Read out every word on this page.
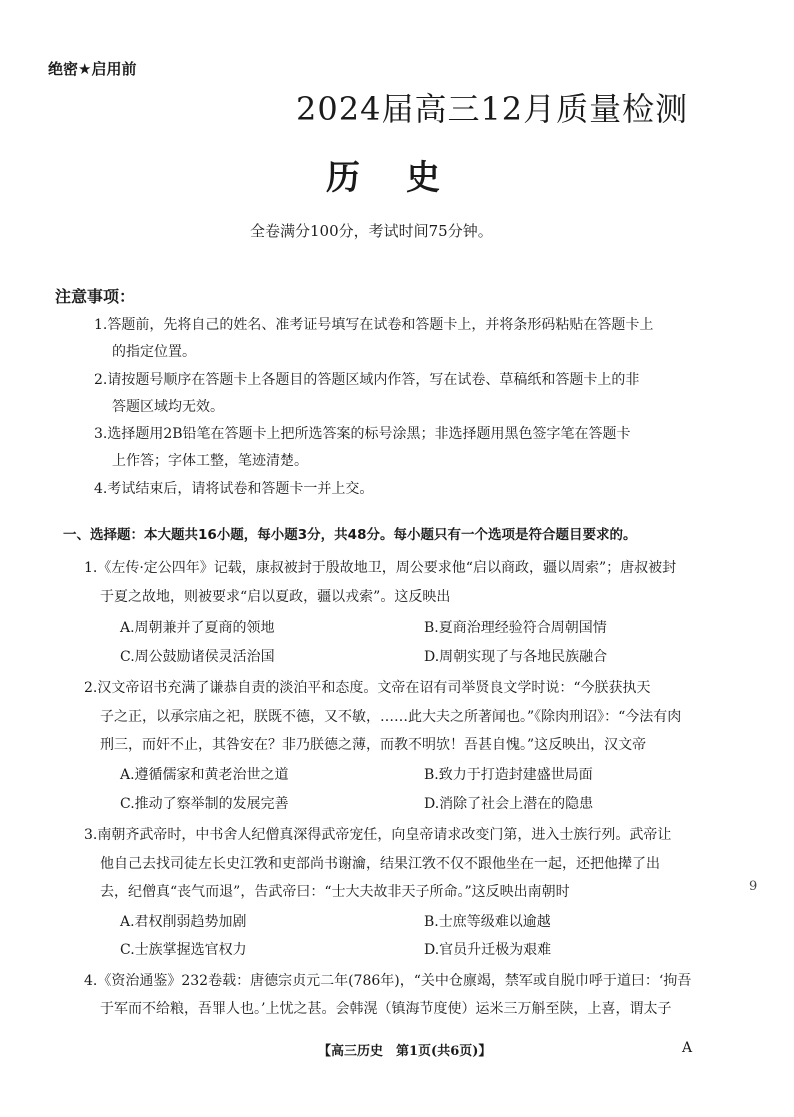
绝密★启用前
2024届高三12月质量检测
历史
全卷满分100分，考试时间75分钟。
注意事项：
1.答题前，先将自己的姓名、准考证号填写在试卷和答题卡上，并将条形码粘贴在答题卡上
的指定位置。
2.请按题号顺序在答题卡上各题目的答题区域内作答，写在试卷、草稿纸和答题卡上的非
答题区域均无效。
3.选择题用2B铅笔在答题卡上把所选答案的标号涂黑；非选择题用黑色签字笔在答题卡
上作答；字体工整，笔迹清楚。
4.考试结束后，请将试卷和答题卡一并上交。
一、选择题：本大题共16小题，每小题3分，共48分。每小题只有一个选项是符合题目要求的。
1.《左传·定公四年》记载，康叔被封于殷故地卫，周公要求他“启以商政，疆以周索”；唐叔被封
于夏之故地，则被要求“启以夏政，疆以戎索”。这反映出
A.周朝兼并了夏商的领地	B.夏商治理经验符合周朝国情
C.周公鼓励诸侯灵活治国	D.周朝实现了与各地民族融合
2.汉文帝诏书充满了谦恭自责的淡泊平和态度。文帝在诏有司举贤良文学时说：“今朕获执天
子之正，以承宗庙之祀，朕既不德，又不敏，……此大夫之所著闻也。”《除肉刑诏》：“今法有肉
刑三，而奸不止，其咎安在？非乃朕德之薄，而教不明欤！吾甚自愧。”这反映出，汉文帝
A.遵循儒家和黄老治世之道	B.致力于打造封建盛世局面
C.推动了察举制的发展完善	D.消除了社会上潜在的隐患
3.南朝齐武帝时，中书舍人纪僧真深得武帝宠任，向皇帝请求改变门第，进入士族行列。武帝让
他自己去找司徒左长史江敩和吏部尚书谢瀹，结果江敩不仅不跟他坐在一起，还把他撵了出
去，纪僧真“丧气而退”，告武帝曰：“士大夫故非天子所命。”这反映出南朝时
A.君权削弱趋势加剧	B.士庶等级难以逾越
C.士族掌握选官权力	D.官员升迁极为艰难
4.《资治通鉴》232卷载：唐德宗贞元二年(786年)，“关中仓廪竭，禁军或自脱巾呼于道曰：‘拘吾
于军而不给粮，吾罪人也。’上忧之甚。会韩滉（镇海节度使）运米三万斛至陕，上喜，谓太子
9
【高三历史　第1页(共6页)】	A
